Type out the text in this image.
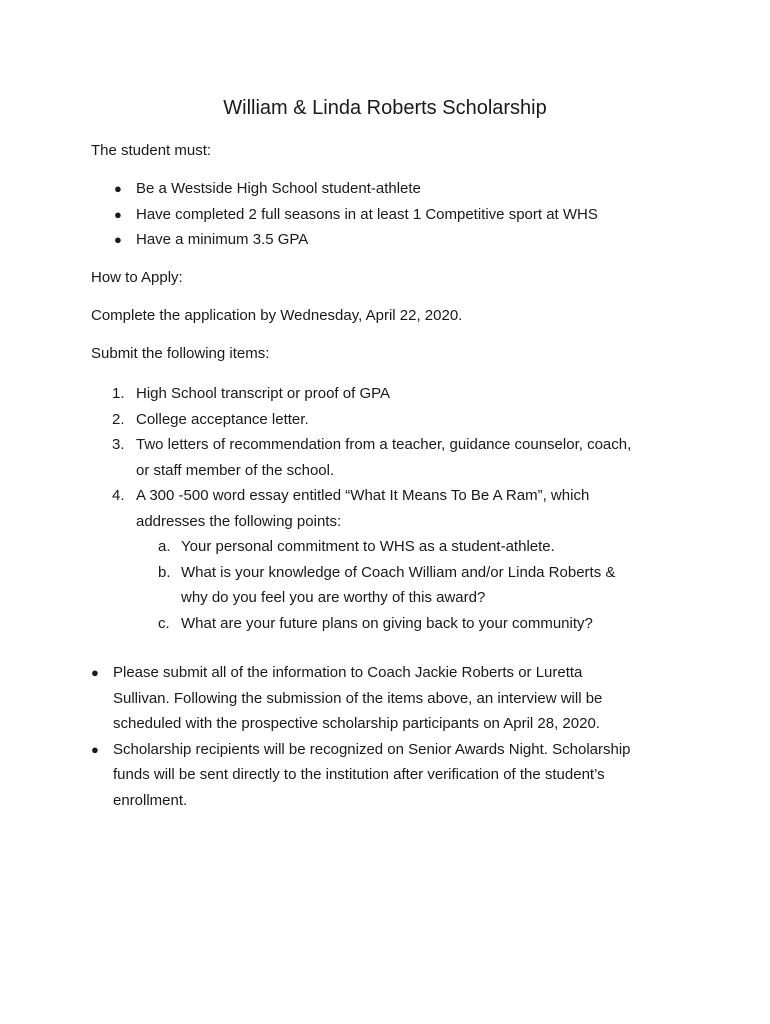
William & Linda Roberts Scholarship

The student must:

● Be a Westside High School student-athlete
● Have completed 2 full seasons in at least 1 Competitive sport at WHS
● Have a minimum 3.5 GPA

How to Apply:

Complete the application by Wednesday, April 22, 2020.

Submit the following items:

1. High School transcript or proof of GPA
2. College acceptance letter.
3. Two letters of recommendation from a teacher, guidance counselor, coach,
or staff member of the school.
4. A 300 -500 word essay entitled “What It Means To Be A Ram”, which
addresses the following points:
a. Your personal commitment to WHS as a student-athlete.
b. What is your knowledge of Coach William and/or Linda Roberts &
why do you feel you are worthy of this award?
c. What are your future plans on giving back to your community?
● Please submit all of the information to Coach Jackie Roberts or Luretta
Sullivan. Following the submission of the items above, an interview will be
scheduled with the prospective scholarship participants on April 28, 2020.
● Scholarship recipients will be recognized on Senior Awards Night. Scholarship
funds will be sent directly to the institution after verification of the student’s
enrollment.
